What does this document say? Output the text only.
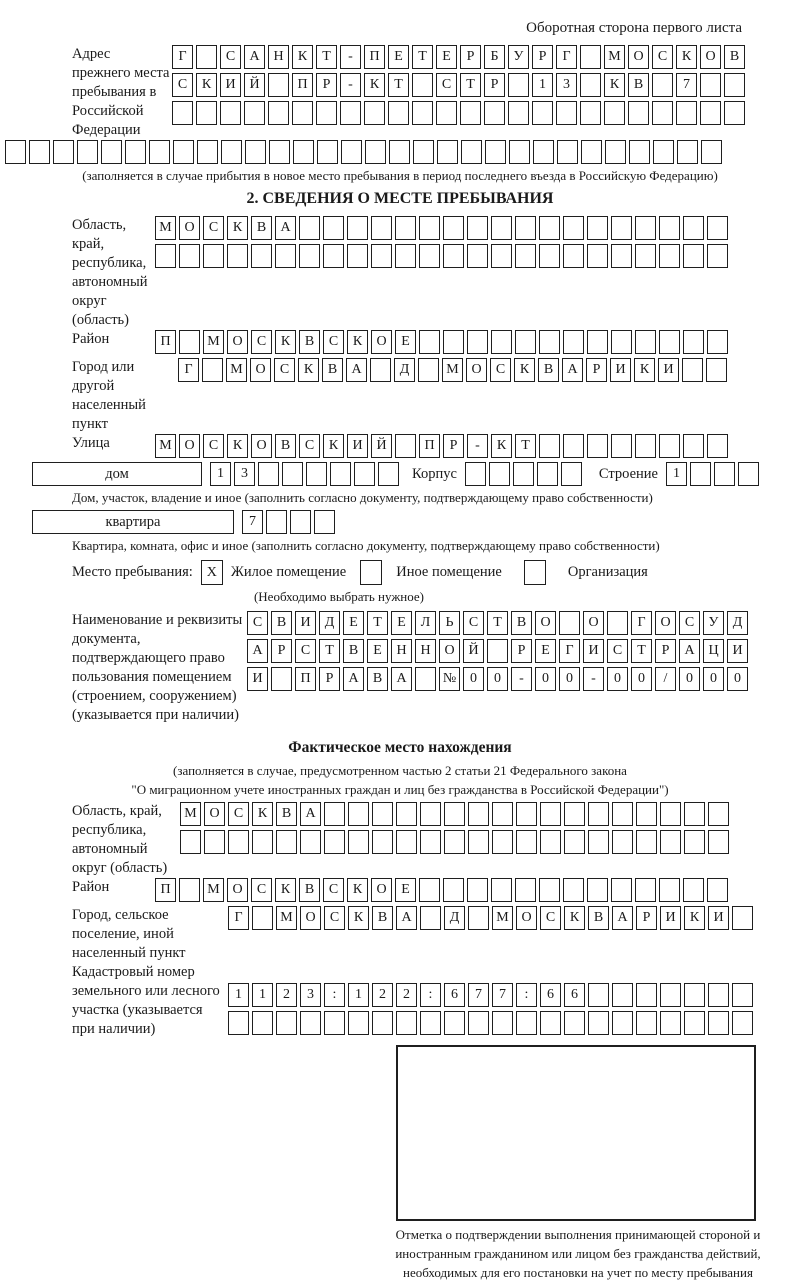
Оборотная сторона первого листа
Адрес прежнего места пребывания в Российской Федерации
Г	С	А Н	К	Т	-	П	Е	Т	Е	Р	Б	У	Р	Г	М О	С	К	О	В
С	К	И Й	П	Р	-	К	Т	С	Т	Р	1	3	К	В	7
(заполняется в случае прибытия в новое место пребывания в период последнего въезда в Российскую Федерацию)
2. СВЕДЕНИЯ О МЕСТЕ ПРЕБЫВАНИЯ
Область, край, республика, автономный округ (область)
М О	С	К	В	А
Район	П	М О	С	К	В	С	К	О	Е
Город или другой населенный пункт
Г	М О	С	К	В	А	Д	М О	С	К	В	А	Р	И	К	И
Улица	М О	С	К	О	В	С	К	И Й	П	Р	-	К	Т
дом	1	3	Корпус	Строение	1
Дом, участок, владение и иное (заполнить согласно документу, подтверждающему право собственности)
квартира	7
Квартира, комната, офис и иное (заполнить согласно документу, подтверждающему право собственности)
Место пребывания: X Жилое помещение	Иное помещение	Организация
(Необходимо выбрать нужное)
Наименование и реквизиты документа, подтверждающего право пользования помещением (строением, сооружением) (указывается при наличии)
С	В	И	Д	Е	Т	Е	Л	Ь	С	Т	В	О	О	Г	О	С	У	Д
А	Р	С	Т	В	Е	Н Н О Й	Р	Е	Г	И	С	Т	Р	А Ц И
И	П	Р	А	В	А	№ 0	0	-	0	0	-	0	0	/	0	0	0
Фактическое место нахождения
(заполняется в случае, предусмотренном частью 2 статьи 21 Федерального закона
"О миграционном учете иностранных граждан и лиц без гражданства в Российской Федерации")
Область, край, республика, автономный округ (область)
М О	С	К	В	А
Район	П	М О	С	К	В	С	К	О	Е
Город, сельское поселение, иной населенный пункт
Г	М О	С	К	В	А	Д	М О	С	К	В	А	Р	И	К	И
Кадастровый номер земельного или лесного участка (указывается при наличии)
1	1	2	3	:	1	2	2	:	6	7	7	:	6	6
Отметка о подтверждении выполнения принимающей стороной и иностранным гражданином или лицом без гражданства действий, необходимых для его постановки на учет по месту пребывания
